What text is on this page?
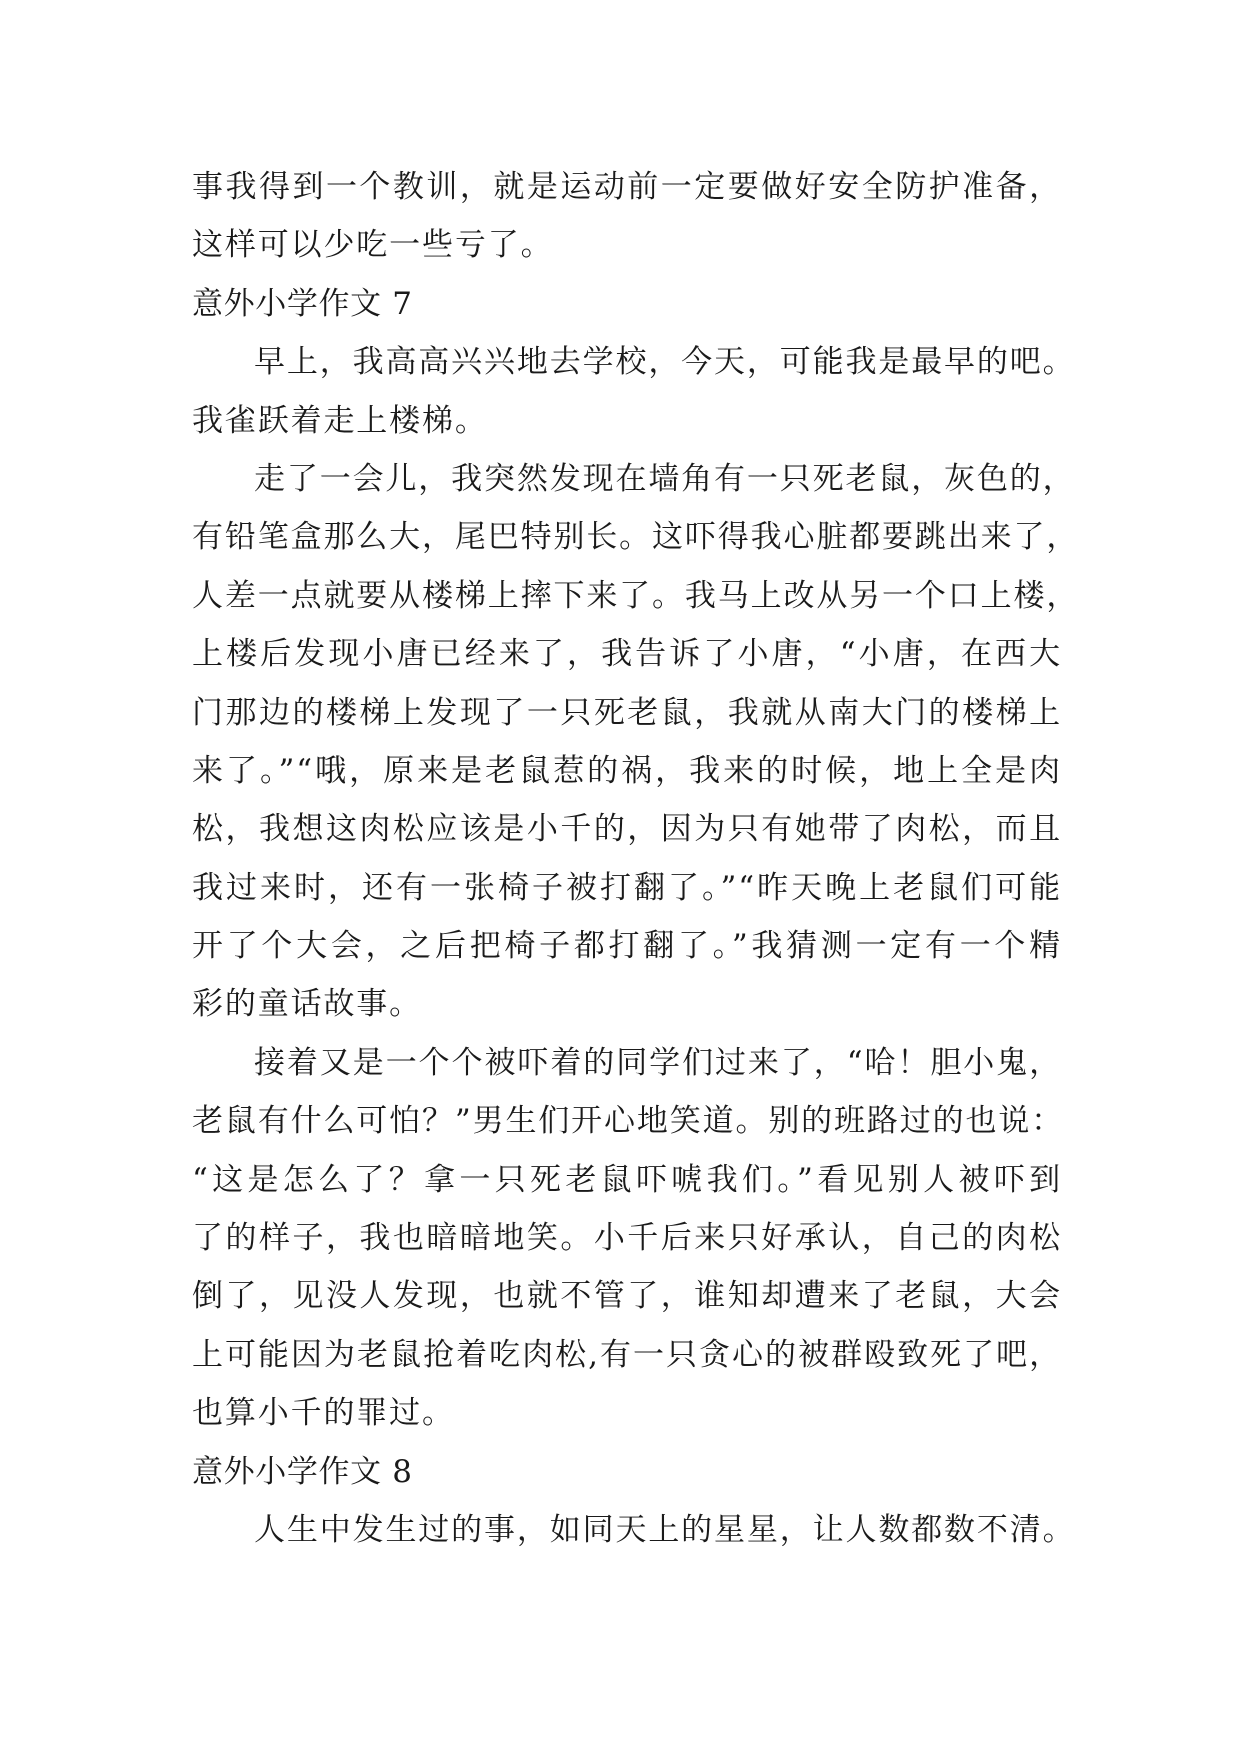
事我得到一个教训，就是运动前一定要做好安全防护准备，
这样可以少吃一些亏了。
意外小学作文 7
早上，我高高兴兴地去学校，今天，可能我是最早的吧。
我雀跃着走上楼梯。
走了一会儿，我突然发现在墙角有一只死老鼠，灰色的，
有铅笔盒那么大，尾巴特别长。这吓得我心脏都要跳出来了，
人差一点就要从楼梯上摔下来了。我马上改从另一个口上楼，
上楼后发现小唐已经来了，我告诉了小唐，“小唐，在西大
门那边的楼梯上发现了一只死老鼠，我就从南大门的楼梯上
来了。”“哦，原来是老鼠惹的祸，我来的时候，地上全是肉
松，我想这肉松应该是小千的，因为只有她带了肉松，而且
我过来时，还有一张椅子被打翻了。”“昨天晚上老鼠们可能
开了个大会，之后把椅子都打翻了。”我猜测一定有一个精
彩的童话故事。
接着又是一个个被吓着的同学们过来了，“哈！胆小鬼，
老鼠有什么可怕？”男生们开心地笑道。别的班路过的也说：
“这是怎么了？拿一只死老鼠吓唬我们。”看见别人被吓到
了的样子，我也暗暗地笑。小千后来只好承认，自己的肉松
倒了，见没人发现，也就不管了，谁知却遭来了老鼠，大会
上可能因为老鼠抢着吃肉松,有一只贪心的被群殴致死了吧，
也算小千的罪过。
意外小学作文 8
人生中发生过的事，如同天上的星星，让人数都数不清。
